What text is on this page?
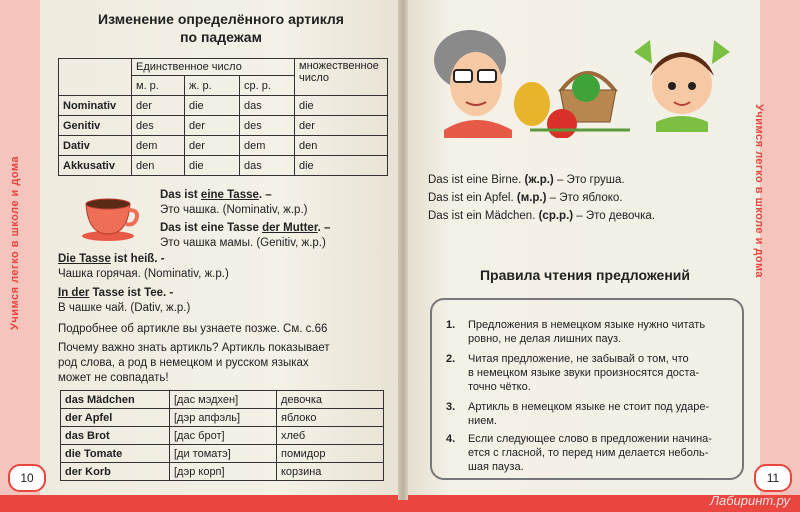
Учимся легко в школе и дома	Учимся легко в школе и дома
Изменение определённого артикля
по падежам
	Единственное число			множественное число
	м. р.	ж. р.	ср. р.	
Nominativ	der	die	das	die
Genitiv	des	der	des	der
Dativ	dem	der	dem	den
Akkusativ	den	die	das	die
Das ist eine Tasse. –
Это чашка. (Nominativ, ж.р.)
Das ist eine Tasse der Mutter. –
Это чашка мамы. (Genitiv, ж.р.)
Die Tasse ist heiß. -
Чашка горячая. (Nominativ, ж.р.)
In der Tasse ist Tee. -
В чашке чай. (Dativ, ж.р.)
Подробнее об артикле вы узнаете позже. См. с.66
Почему важно знать артикль? Артикль показывает
род слова, а род в немецком и русском языках
может не совпадать!
das Mädchen	[дас мэдхен]	девочка
der Apfel	[дэр апфэль]	яблоко
das Brot	[дас брот]	хлеб
die Tomate	[ди томатэ]	помидор
der Korb	[дэр корп]	корзина
10
Das ist eine Birne. (ж.р.) – Это груша.
Das ist ein Apfel. (м.р.) – Это яблоко.
Das ist ein Mädchen. (ср.р.) – Это девочка.
Правила чтения предложений
1. Предложения в немецком языке нужно читать
ровно, не делая лишних пауз.
2. Читая предложение, не забывай о том, что
в немецком языке звуки произносятся доста-
точно чётко.
3. Артикль в немецком языке не стоит под ударе-
нием.
4. Если следующее слово в предложении начина-
ется с гласной, то перед ним делается неболь-
шая пауза.
11
Лабиринт.ру
